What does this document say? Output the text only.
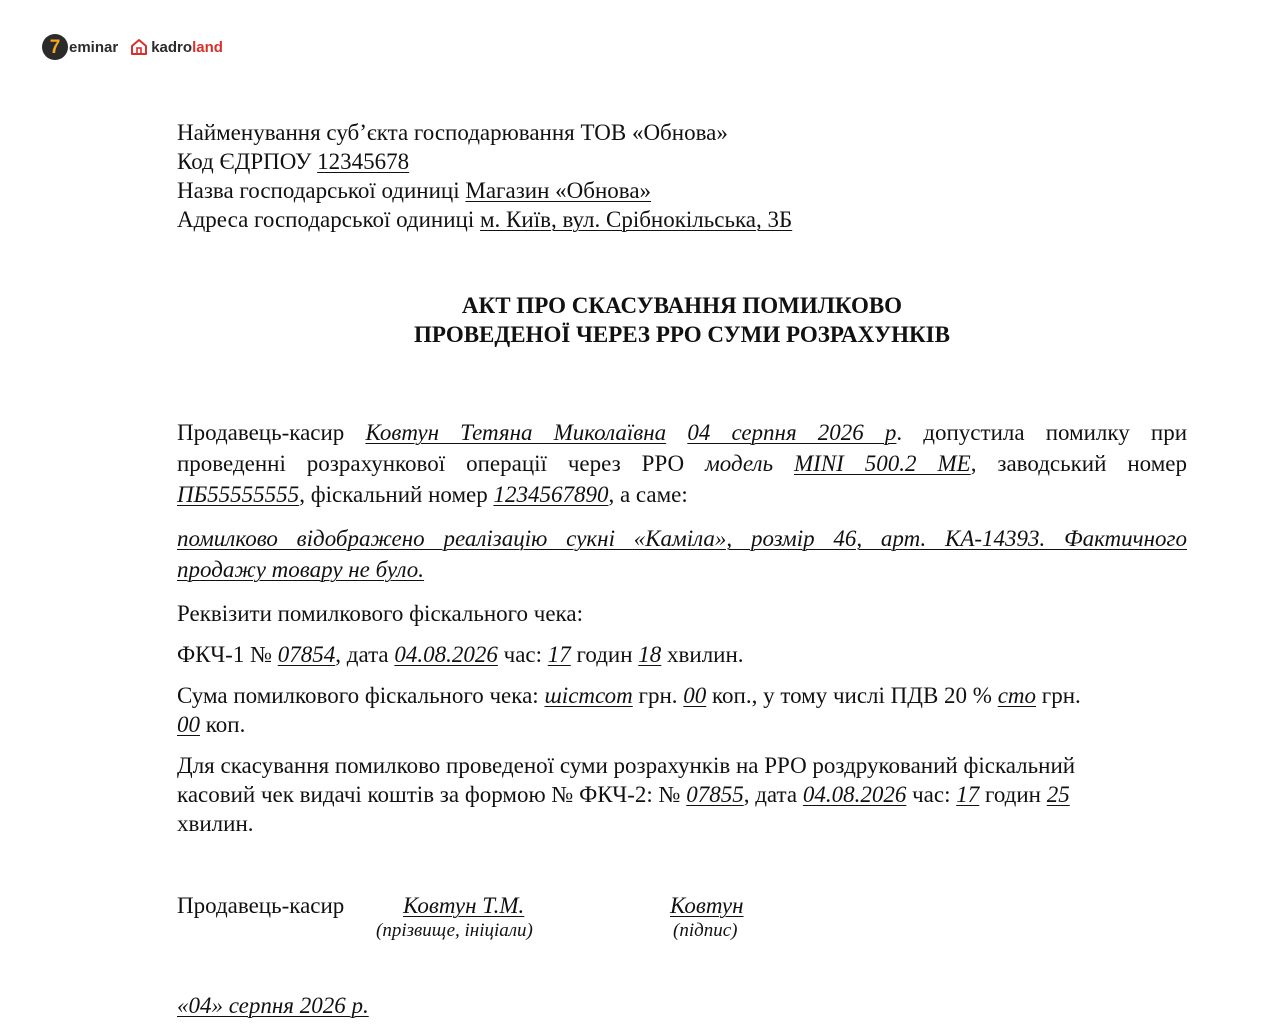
7 eminar kadro land
Найменування суб’єкта господарювання ТОВ «Обнова»
Код ЄДРПОУ 12345678
Назва господарської одиниці Магазин «Обнова»
Адреса господарської одиниці м. Київ, вул. Срібнокільська, 3Б
АКТ ПРО СКАСУВАННЯ ПОМИЛКОВО
ПРОВЕДЕНОЇ ЧЕРЕЗ РРО СУМИ РОЗРАХУНКІВ
Продавець-касир Ковтун Тетяна Миколаївна 04 серпня 2026 р. допустила помилку при
проведенні розрахункової операції через РРО модель MINI 500.2 ME, заводський номер
ПБ55555555, фіскальний номер 1234567890, а саме:
помилково відображено реалізацію сукні «Каміла», розмір 46, арт. КА-14393. Фактичного
продажу товару не було.
Реквізити помилкового фіскального чека:
ФКЧ-1 № 07854, дата 04.08.2026 час: 17 годин 18 хвилин.
Сума помилкового фіскального чека: шістсот грн. 00 коп., у тому числі ПДВ 20 % сто грн.
00 коп.
Для скасування помилково проведеної суми розрахунків на РРО роздрукований фіскальний
касовий чек видачі коштів за формою № ФКЧ-2: № 07855, дата 04.08.2026 час: 17 годин 25
хвилин.
Продавець-касир	Ковтун Т.М.	Ковтун
(прізвище, ініціали)	(підпис)
«04» серпня 2026 р.
